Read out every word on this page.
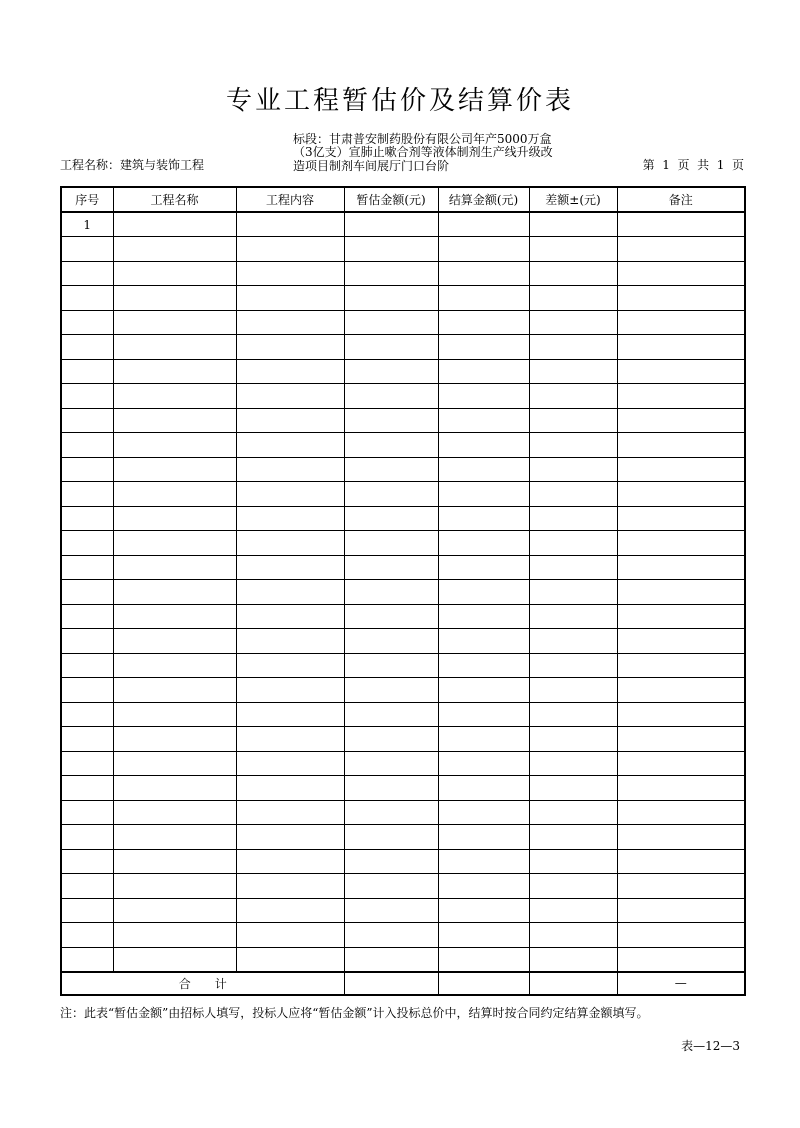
专业工程暂估价及结算价表
工程名称：建筑与装饰工程
标段：甘肃普安制药股份有限公司年产5000万盒
（3亿支）宣肺止嗽合剂等液体制剂生产线升级改
造项目制剂车间展厅门口台阶	第  1  页  共  1  页
序号	工程名称	工程内容	暂估金额(元)	结算金额(元)	差额±(元)	备注
1						

合　　计						—
注：此表“暂估金额”由招标人填写，投标人应将“暂估金额”计入投标总价中，结算时按合同约定结算金额填写。
表—12—3
